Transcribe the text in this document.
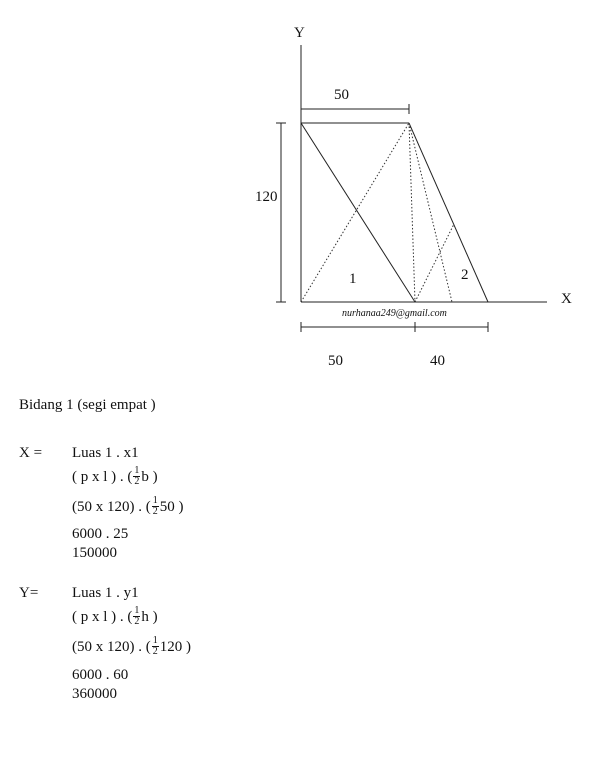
Y
X
50
120
1	2
nurhanaa249@gmail.com
50	40
Bidang 1 (segi empat )
X = Luas 1 . x1
( p x l ) . ( $\frac{1}{2}$ b )
(50 x 120) . ( $\frac{1}{2} 50$ )
6000 . 25
150000
Y= Luas 1 . y1
( p x l ) . ( $\frac{1}{2}$ h )
(50 x 120) . ( $\frac{1}{2} 120$ )
6000 . 60
360000
